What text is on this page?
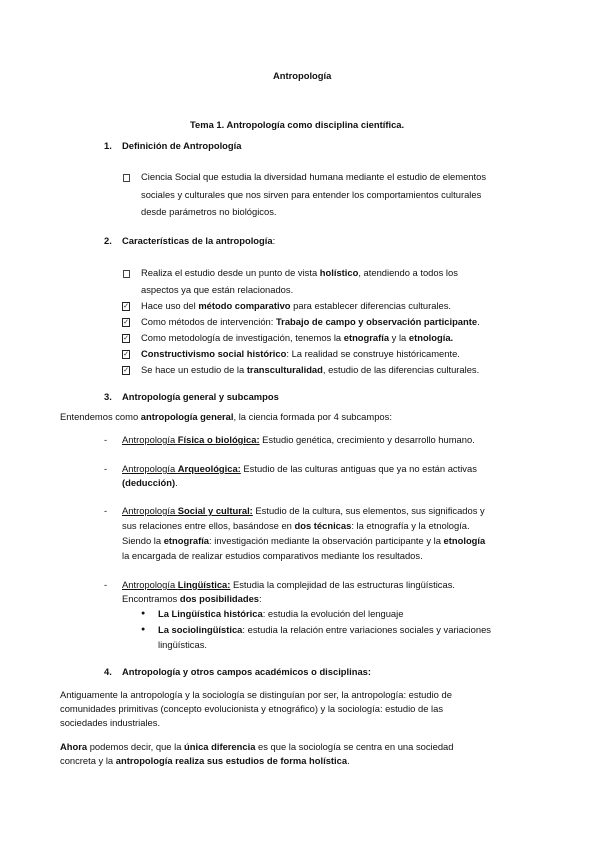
Antropología
Tema 1. Antropología como disciplina científica.
1. Definición de Antropología
Ciencia Social que estudia la diversidad humana mediante el estudio de elementos
sociales y culturales que nos sirven para entender los comportamientos culturales
desde parámetros no biológicos.
2. Características de la antropología:
Realiza el estudio desde un punto de vista holístico, atendiendo a todos los
aspectos ya que están relacionados.
✓ Hace uso del método comparativo para establecer diferencias culturales.
✓ Como métodos de intervención: Trabajo de campo y observación participante.
✓ Como metodología de investigación, tenemos la etnografía y la etnología.
✓ Constructivismo social histórico: La realidad se construye históricamente.
✓ Se hace un estudio de la transculturalidad, estudio de las diferencias culturales.
3. Antropología general y subcampos
Entendemos como antropología general, la ciencia formada por 4 subcampos:
- Antropología Física o biológica: Estudio genética, crecimiento y desarrollo humano.
- Antropología Arqueológica: Estudio de las culturas antiguas que ya no están activas
(deducción).
- Antropología Social y cultural: Estudio de la cultura, sus elementos, sus significados y
sus relaciones entre ellos, basándose en dos técnicas: la etnografía y la etnología.
Siendo la etnografía: investigación mediante la observación participante y la etnología
la encargada de realizar estudios comparativos mediante los resultados.
- Antropología Lingüística: Estudia la complejidad de las estructuras lingüísticas.
Encontramos dos posibilidades:
● La Lingüística histórica: estudia la evolución del lenguaje
● La sociolingüística: estudia la relación entre variaciones sociales y variaciones
lingüísticas.
4. Antropología y otros campos académicos o disciplinas:
Antiguamente la antropología y la sociología se distinguían por ser, la antropología: estudio de
comunidades primitivas (concepto evolucionista y etnográfico) y la sociología: estudio de las
sociedades industriales.
Ahora podemos decir, que la única diferencia es que la sociología se centra en una sociedad
concreta y la antropología realiza sus estudios de forma holística.
